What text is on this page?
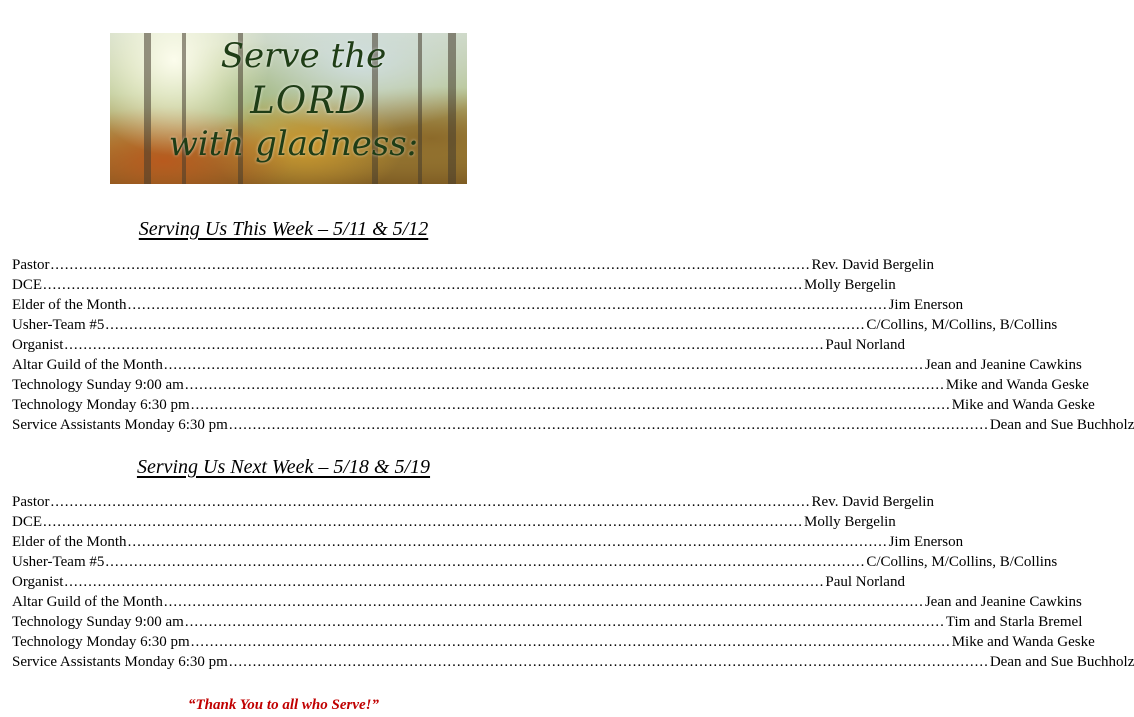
Serve the
LORD
with gladness:
Serving Us This Week – 5/11 & 5/12
Pastor ................................................................................................................................................................ Rev. David Bergelin
DCE ................................................................................................................................................................ Molly Bergelin
Elder of the Month ................................................................................................................................................................ Jim Enerson
Usher-Team #5 ................................................................................................................................................................ C/Collins, M/Collins, B/Collins
Organist ................................................................................................................................................................ Paul Norland
Altar Guild of the Month ................................................................................................................................................................ Jean and Jeanine Cawkins
Technology Sunday 9:00 am ................................................................................................................................................................ Mike and Wanda Geske
Technology Monday 6:30 pm ................................................................................................................................................................ Mike and Wanda Geske
Service Assistants Monday 6:30 pm ................................................................................................................................................................ Dean and Sue Buchholz
Serving Us Next Week – 5/18 & 5/19
Pastor ................................................................................................................................................................ Rev. David Bergelin
DCE ................................................................................................................................................................ Molly Bergelin
Elder of the Month ................................................................................................................................................................ Jim Enerson
Usher-Team #5 ................................................................................................................................................................ C/Collins, M/Collins, B/Collins
Organist ................................................................................................................................................................ Paul Norland
Altar Guild of the Month ................................................................................................................................................................ Jean and Jeanine Cawkins
Technology Sunday 9:00 am ................................................................................................................................................................ Tim and Starla Bremel
Technology Monday 6:30 pm ................................................................................................................................................................ Mike and Wanda Geske
Service Assistants Monday 6:30 pm ................................................................................................................................................................ Dean and Sue Buchholz
“Thank You to all who Serve!”
